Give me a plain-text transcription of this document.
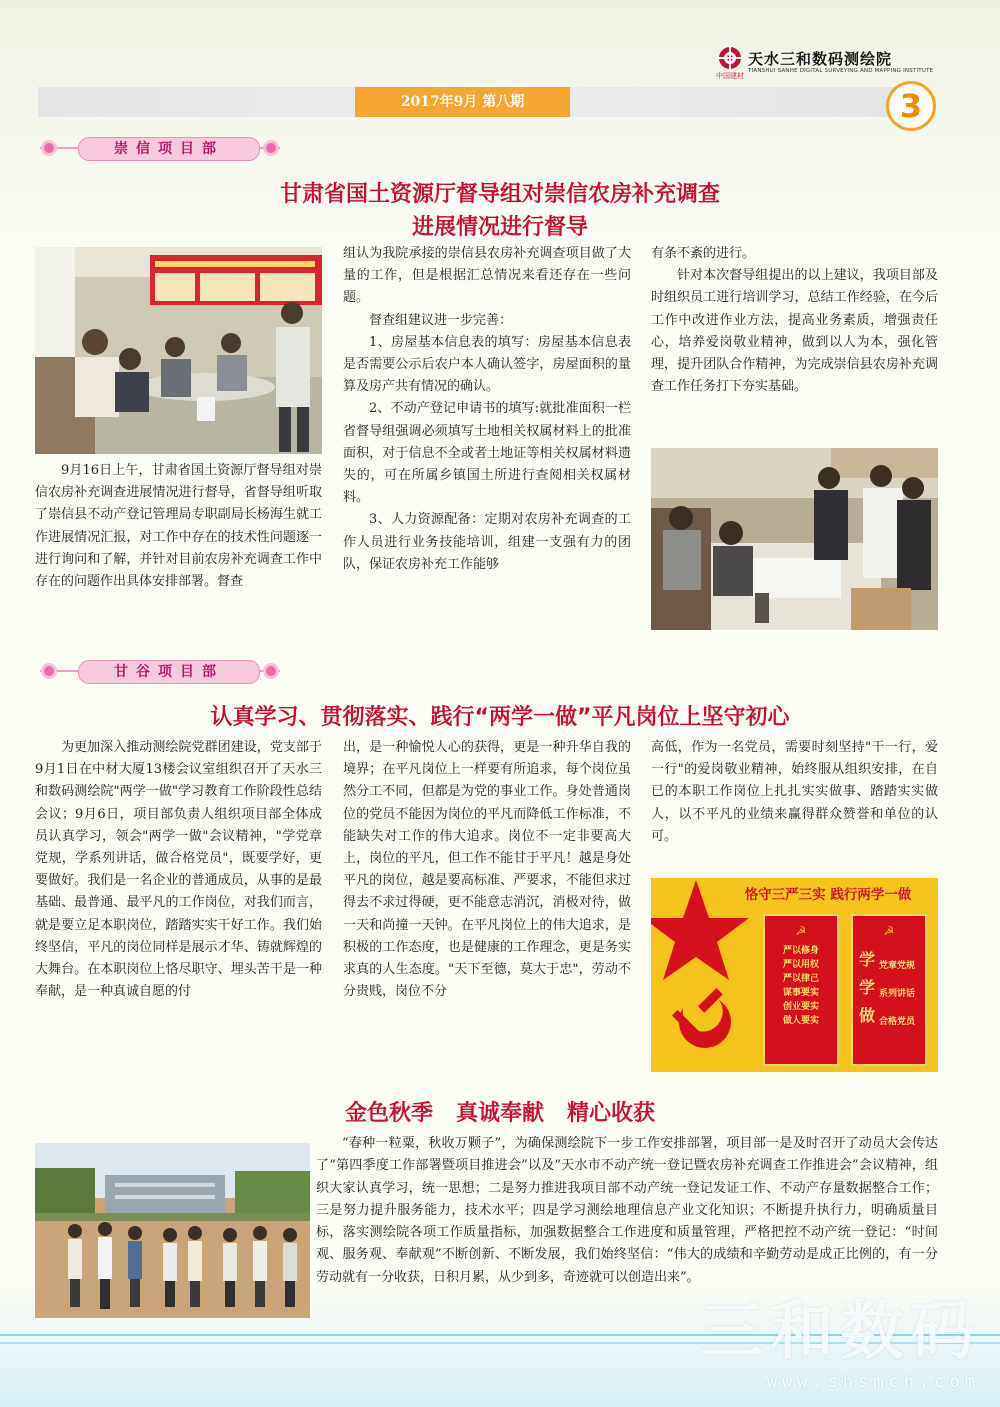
中国建材
天水三和数码测绘院
TIANSHUI SANHE DIGITAL SURVEYING AND MAPPING INSTITUTE
2017年9月 第八期	3
崇信项目部
甘肃省国土资源厅督导组对崇信农房补充调查
进展情况进行督导

9月16日上午，甘肃省国土资源厅督导组对崇信农房补充调查进展情况进行督导，省督导组听取了崇信县不动产登记管理局专职副局长杨海生就工作进展情况汇报，对工作中存在的技术性问题逐一进行询问和了解，并针对目前农房补充调查工作中存在的问题作出具体安排部署。督查

组认为我院承接的崇信县农房补充调查项目做了大量的工作，但是根据汇总情况来看还存在一些问题。

督查组建议进一步完善：

1、房屋基本信息表的填写：房屋基本信息表是否需要公示后农户本人确认签字，房屋面积的量算及房产共有情况的确认。

2、不动产登记申请书的填写:就批准面积一栏省督导组强调必须填写土地相关权属材料上的批准面积，对于信息不全或者土地证等相关权属材料遗失的，可在所属乡镇国土所进行查阅相关权属材料。

3、人力资源配备：定期对农房补充调查的工作人员进行业务技能培训，组建一支强有力的团队，保证农房补充工作能够

有条不紊的进行。

针对本次督导组提出的以上建议，我项目部及时组织员工进行培训学习，总结工作经验，在今后工作中改进作业方法，提高业务素质，增强责任心，培养爱岗敬业精神，做到以人为本，强化管理，提升团队合作精神，为完成崇信县农房补充调查工作任务打下夯实基础。

甘谷项目部
认真学习、贯彻落实、践行“两学一做”平凡岗位上坚守初心

为更加深入推动测绘院党群团建设，党支部于9月1日在中材大厦13楼会议室组织召开了天水三和数码测绘院"两学一做"学习教育工作阶段性总结会议；9月6日，项目部负责人组织项目部全体成员认真学习，领会"两学一做"会议精神，"学党章党规，学系列讲话，做合格党员"，既要学好，更要做好。我们是一名企业的普通成员，从事的是最基础、最普通、最平凡的工作岗位，对我们而言，就是要立足本职岗位，踏踏实实干好工作。我们始终坚信，平凡的岗位同样是展示才华、铸就辉煌的大舞台。在本职岗位上恪尽职守、埋头苦干是一种奉献，是一种真诚自愿的付

出，是一种愉悦人心的获得，更是一种升华自我的境界；在平凡岗位上一样要有所追求，每个岗位虽然分工不同，但都是为党的事业工作。身处普通岗位的党员不能因为岗位的平凡而降低工作标准，不能缺失对工作的伟大追求。岗位不一定非要高大上，岗位的平凡，但工作不能甘于平凡！越是身处平凡的岗位，越是要高标准、严要求，不能但求过得去不求过得硬，更不能意志消沉，消极对待，做一天和尚撞一天钟。在平凡岗位上的伟大追求，是积极的工作态度，也是健康的工作理念，更是务实求真的人生态度。"天下至德，莫大于忠"，劳动不分贵贱，岗位不分

高低，作为一名党员，需要时刻坚持"干一行，爱一行"的爱岗敬业精神，始终服从组织安排，在自已的本职工作岗位上扎扎实实做事、踏踏实实做人，以不平凡的业绩来赢得群众赞誉和单位的认可。

恪守三严三实 践行两学一做
☭
严以修身
严以用权
严以律己
谋事要实
创业要实
做人要实
☭
学
学
做
党章党规
系列讲话
合格党员
金色秋季   真诚奉献   精心收获

“春种一粒粟，秋收万颗子”，为确保测绘院下一步工作安排部署，项目部一是及时召开了动员大会传达了“第四季度工作部署暨项目推进会”以及“天水市不动产统一登记暨农房补充调查工作推进会”会议精神，组织大家认真学习，统一思想；二是努力推进我项目部不动产统一登记发证工作、不动产存量数据整合工作；三是努力提升服务能力，技术水平；四是学习测绘地理信息产业文化知识；不断提升执行力，明确质量目标，落实测绘院各项工作质量指标，加强数据整合工作进度和质量管理，严格把控不动产统一登记：“时间观、服务观、奉献观”不断创新、不断发展，我们始终坚信：“伟大的成绩和辛勤劳动是成正比例的，有一分劳动就有一分收获，日积月累，从少到多，奇迹就可以创造出来”。

三和数码
www.shsmch.com
